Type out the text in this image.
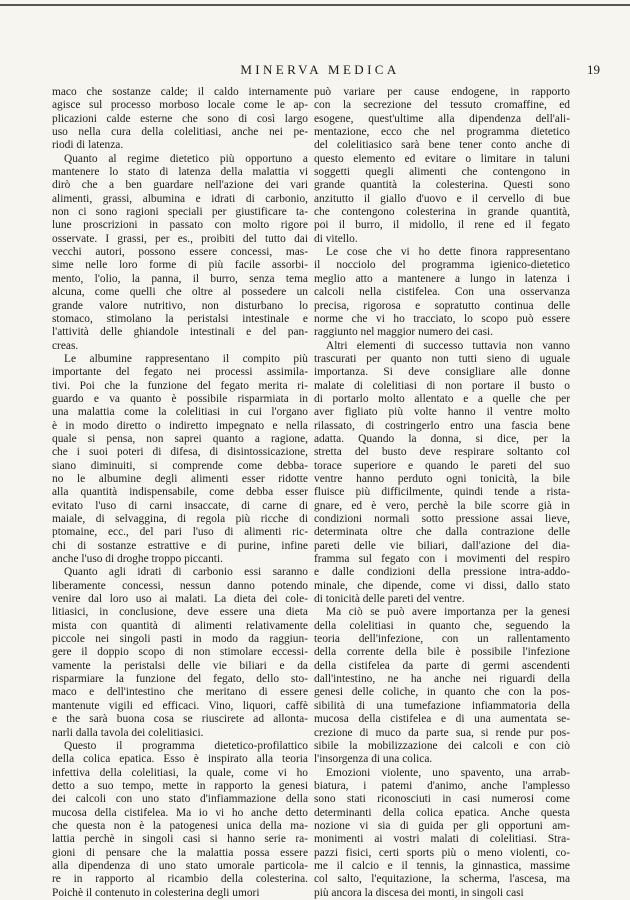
MINERVA MEDICA	19

maco che sostanze calde; il caldo internamente

agisce sul processo morboso locale come le ap-

plicazioni calde esterne che sono di così largo

uso nella cura della colelitiasi, anche nei pe-

riodi di latenza.

Quanto al regime dietetico più opportuno a

mantenere lo stato di latenza della malattia vi

dirò che a ben guardare nell'azione dei vari

alimenti, grassi, albumina e idrati di carbonio,

non ci sono ragioni speciali per giustificare ta-

lune proscrizioni in passato con molto rigore

osservate. I grassi, per es., proibiti del tutto dai

vecchi autori, possono essere concessi, mas-

sime nelle loro forme di più facile assorbi-

mento, l'olio, la panna, il burro, senza tema

alcuna, come quelli che oltre al possedere un

grande valore nutritivo, non disturbano lo

stomaco, stimolano la peristalsi intestinale e

l'attività delle ghiandole intestinali e del pan-

creas.

Le albumine rappresentano il compito più

importante del fegato nei processi assimila-

tivi. Poi che la funzione del fegato merita ri-

guardo e va quanto è possibile risparmiata in

una malattia come la colelitiasi in cui l'organo

è in modo diretto o indiretto impegnato e nella

quale si pensa, non saprei quanto a ragione,

che i suoi poteri di difesa, di disintossicazione,

siano diminuiti, si comprende come debba-

no le albumine degli alimenti esser ridotte

alla quantità indispensabile, come debba esser

evitato l'uso di carni insaccate, di carne di

maiale, di selvaggina, di regola più ricche di

ptomaine, ecc., del pari l'uso di alimenti ric-

chi di sostanze estrattive e di purine, infine

anche l'uso di droghe troppo piccanti.

Quanto agli idrati di carbonio essi saranno

liberamente concessi, nessun danno potendo

venire dal loro uso ai malati. La dieta dei cole-

litiasici, in conclusione, deve essere una dieta

mista con quantità di alimenti relativamente

piccole nei singoli pasti in modo da raggiun-

gere il doppio scopo di non stimolare eccessi-

vamente la peristalsi delle vie biliari e da

risparmiare la funzione del fegato, dello sto-

maco e dell'intestino che meritano di essere

mantenute vigili ed efficaci. Vino, liquori, caffè

e the sarà buona cosa se riuscirete ad allonta-

narli dalla tavola dei colelitiasici.

Questo il programma dietetico-profilattico

della colica epatica. Esso è inspirato alla teoria

infettiva della colelitiasi, la quale, come vi ho

detto a suo tempo, mette in rapporto la genesi

dei calcoli con uno stato d'infiammazione della

mucosa della cistifelea. Ma io vi ho anche detto

che questa non è la patogenesi unica della ma-

lattia perchè in singoli casi si hanno serie ra-

gioni di pensare che la malattia possa essere

alla dipendenza di uno stato umorale particola-

re in rapporto al ricambio della colesterina.

Poichè il contenuto in colesterina degli umori

può variare per cause endogene, in rapporto

con la secrezione del tessuto cromaffine, ed

esogene, quest'ultime alla dipendenza dell'ali-

mentazione, ecco che nel programma dietetico

del colelitiasico sarà bene tener conto anche di

questo elemento ed evitare o limitare in taluni

soggetti quegli alimenti che contengono in

grande quantità la colesterina. Questi sono

anzitutto il giallo d'uovo e il cervello di bue

che contengono colesterina in grande quantità,

poi il burro, il midollo, il rene ed il fegato

di vitello.

Le cose che vi ho dette finora rappresentano

il nocciolo del programma igienico-dietetico

meglio atto a mantenere a lungo in latenza i

calcoli nella cistifelea. Con una osservanza

precisa, rigorosa e sopratutto continua delle

norme che vi ho tracciato, lo scopo può essere

raggiunto nel maggior numero dei casi.

Altri elementi di successo tuttavia non vanno

trascurati per quanto non tutti sieno di uguale

importanza. Si deve consigliare alle donne

malate di colelitiasi di non portare il busto o

di portarlo molto allentato e a quelle che per

aver figliato più volte hanno il ventre molto

rilassato, di costringerlo entro una fascia bene

adatta. Quando la donna, si dice, per la

stretta del busto deve respirare soltanto col

torace superiore e quando le pareti del suo

ventre hanno perduto ogni tonicità, la bile

fluisce più difficilmente, quindi tende a rista-

gnare, ed è vero, perchè la bile scorre già in

condizioni normali sotto pressione assai lieve,

determinata oltre che dalla contrazione delle

pareti delle vie biliari, dall'azione del dia-

framma sul fegato con i movimenti del respiro

e dalle condizioni della pressione intra-addo-

minale, che dipende, come vi dissi, dallo stato

di tonicità delle pareti del ventre.

Ma ciò se può avere importanza per la genesi

della colelitiasi in quanto che, seguendo la

teoria dell'infezione, con un rallentamento

della corrente della bile è possibile l'infezione

della cistifelea da parte di germi ascendenti

dall'intestino, ne ha anche nei riguardi della

genesi delle coliche, in quanto che con la pos-

sibilità di una tumefazione infiammatoria della

mucosa della cistifelea e di una aumentata se-

crezione di muco da parte sua, si rende pur pos-

sibile la mobilizzazione dei calcoli e con ciò

l'insorgenza di una colica.

Emozioni violente, uno spavento, una arrab-

biatura, i patemi d'animo, anche l'amplesso

sono stati riconosciuti in casi numerosi come

determinanti della colica epatica. Anche questa

nozione vi sia di guida per gli opportuni am-

monimenti ai vostri malati di colelitiasi. Stra-

pazzi fisici, certi sports più o meno violenti, co-

me il calcio e il tennis, la ginnastica, massime

col salto, l'equitazione, la scherma, l'ascesa, ma

più ancora la discesa dei monti, in singoli casi
